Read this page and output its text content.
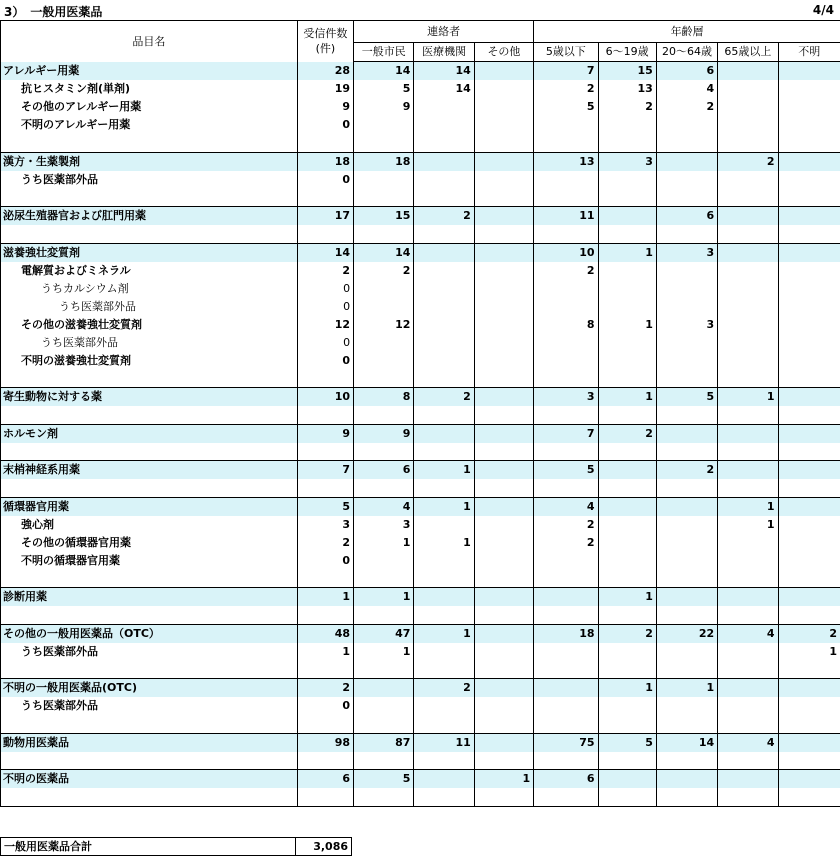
3）　一般用医薬品	4/4
品目名	受信件数
(件)	連絡者			年齢層				
		一般市民	医療機関	その他	5歳以下	6～19歳	20～64歳	65歳以上	不明
アレルギー用薬	28	14	14		7	15	6		
抗ヒスタミン剤(単剤)	19	5	14		2	13	4		
その他のアレルギー用薬	9	9			5	2	2		
不明のアレルギー用薬	0								

漢方・生薬製剤	18	18			13	3		2	
うち医薬部外品	0								

泌尿生殖器官および肛門用薬	17	15	2		11		6		

滋養強壮変質剤	14	14			10	1	3		
電解質およびミネラル	2	2			2				
うちカルシウム剤	0								
うち医薬部外品	0								
その他の滋養強壮変質剤	12	12			8	1	3		
うち医薬部外品	0								
不明の滋養強壮変質剤	0								

寄生動物に対する薬	10	8	2		3	1	5	1	

ホルモン剤	9	9			7	2			

末梢神経系用薬	7	6	1		5		2		

循環器官用薬	5	4	1		4			1	
強心剤	3	3			2			1	
その他の循環器官用薬	2	1	1		2				
不明の循環器官用薬	0								

診断用薬	1	1				1			

その他の一般用医薬品（OTC）	48	47	1		18	2	22	4	2
うち医薬部外品	1	1							1

不明の一般用医薬品(OTC)	2		2			1	1		
うち医薬部外品	0								

動物用医薬品	98	87	11		75	5	14	4	

不明の医薬品	6	5		1	6				

一般用医薬品合計	3,086
